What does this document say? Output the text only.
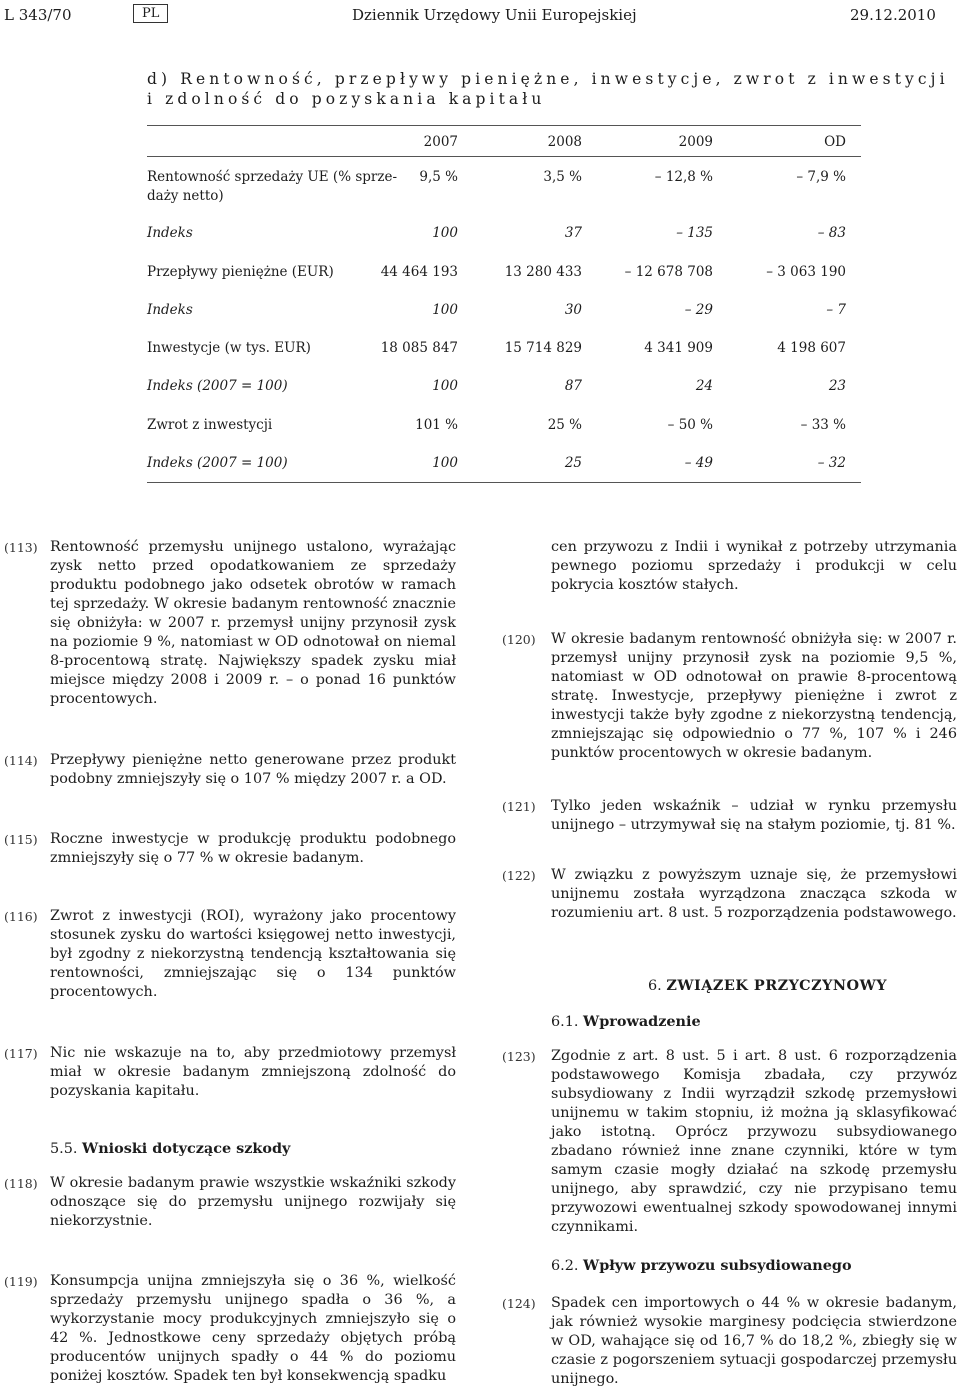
L 343/70	PL	Dziennik Urzędowy Unii Europejskiej	29.12.2010
d) Rentowność, przepływy pieniężne, inwestycje, zwrot z inwestycji
i zdolność do pozyskania kapitału
2007	2008	2009	OD
Rentowność sprzedaży UE (% sprze-
daży netto)
9,5 %	3,5 %	– 12,8 %	– 7,9 %
Indeks	100	37	– 135	– 83
Przepływy pieniężne (EUR)	44 464 193	13 280 433	– 12 678 708	– 3 063 190
Indeks	100	30	– 29	– 7
Inwestycje (w tys. EUR)	18 085 847	15 714 829	4 341 909	4 198 607
Indeks (2007 = 100)	100	87	24	23
Zwrot z inwestycji	101 %	25 %	– 50 %	– 33 %
Indeks (2007 = 100)	100	25	– 49	– 32
(113) Rentowność przemysłu unijnego ustalono, wyrażając zysk netto przed opodatkowaniem ze sprzedaży produktu podobnego jako odsetek obrotów w ramach tej sprzedaży. W okresie badanym rentowność znacznie się obniżyła: w 2007 r. przemysł unijny przynosił zysk na poziomie 9 %, natomiast w OD odnotował on niemal 8-procentową stratę. Największy spadek zysku miał miejsce między 2008 i 2009 r. – o ponad 16 punktów procentowych.
(114) Przepływy pieniężne netto generowane przez produkt podobny zmniejszyły się o 107 % między 2007 r. a OD.
(115) Roczne inwestycje w produkcję produktu podobnego zmniejszyły się o 77 % w okresie badanym.
(116) Zwrot z inwestycji (ROI), wyrażony jako procentowy stosunek zysku do wartości księgowej netto inwestycji, był zgodny z niekorzystną tendencją kształtowania się rentowności, zmniejszając się o 134 punktów procentowych.
(117) Nic nie wskazuje na to, aby przedmiotowy przemysł miał w okresie badanym zmniejszoną zdolność do pozyskania kapitału.
5.5. Wnioski dotyczące szkody
(118) W okresie badanym prawie wszystkie wskaźniki szkody odnoszące się do przemysłu unijnego rozwijały się niekorzystnie.
(119) Konsumpcja unijna zmniejszyła się o 36 %, wielkość sprzedaży przemysłu unijnego spadła o 36 %, a wykorzystanie mocy produkcyjnych zmniejszyło się o 42 %. Jednostkowe ceny sprzedaży objętych próbą producentów unijnych spadły o 44 % do poziomu poniżej kosztów. Spadek ten był konsekwencją spadku
cen przywozu z Indii i wynikał z potrzeby utrzymania pewnego poziomu sprzedaży i produkcji w celu pokrycia kosztów stałych.
(120) W okresie badanym rentowność obniżyła się: w 2007 r. przemysł unijny przynosił zysk na poziomie 9,5 %, natomiast w OD odnotował on prawie 8-procentową stratę. Inwestycje, przepływy pieniężne i zwrot z inwestycji także były zgodne z niekorzystną tendencją, zmniejszając się odpowiednio o 77 %, 107 % i 246 punktów procentowych w okresie badanym.
(121) Tylko jeden wskaźnik – udział w rynku przemysłu unijnego – utrzymywał się na stałym poziomie, tj. 81 %.
(122) W związku z powyższym uznaje się, że przemysłowi unijnemu została wyrządzona znacząca szkoda w rozumieniu art. 8 ust. 5 rozporządzenia podstawowego.
6. ZWIĄZEK PRZYCZYNOWY
6.1. Wprowadzenie
(123) Zgodnie z art. 8 ust. 5 i art. 8 ust. 6 rozporządzenia podstawowego Komisja zbadała, czy przywóz subsydiowany z Indii wyrządził szkodę przemysłowi unijnemu w takim stopniu, iż można ją sklasyfikować jako istotną. Oprócz przywozu subsydiowanego zbadano również inne znane czynniki, które w tym samym czasie mogły działać na szkodę przemysłu unijnego, aby sprawdzić, czy nie przypisano temu przywozowi ewentualnej szkody spowodowanej innymi czynnikami.
6.2. Wpływ przywozu subsydiowanego
(124) Spadek cen importowych o 44 % w okresie badanym, jak również wysokie marginesy podcięcia stwierdzone w OD, wahające się od 16,7 % do 18,2 %, zbiegły się w czasie z pogorszeniem sytuacji gospodarczej przemysłu unijnego.
